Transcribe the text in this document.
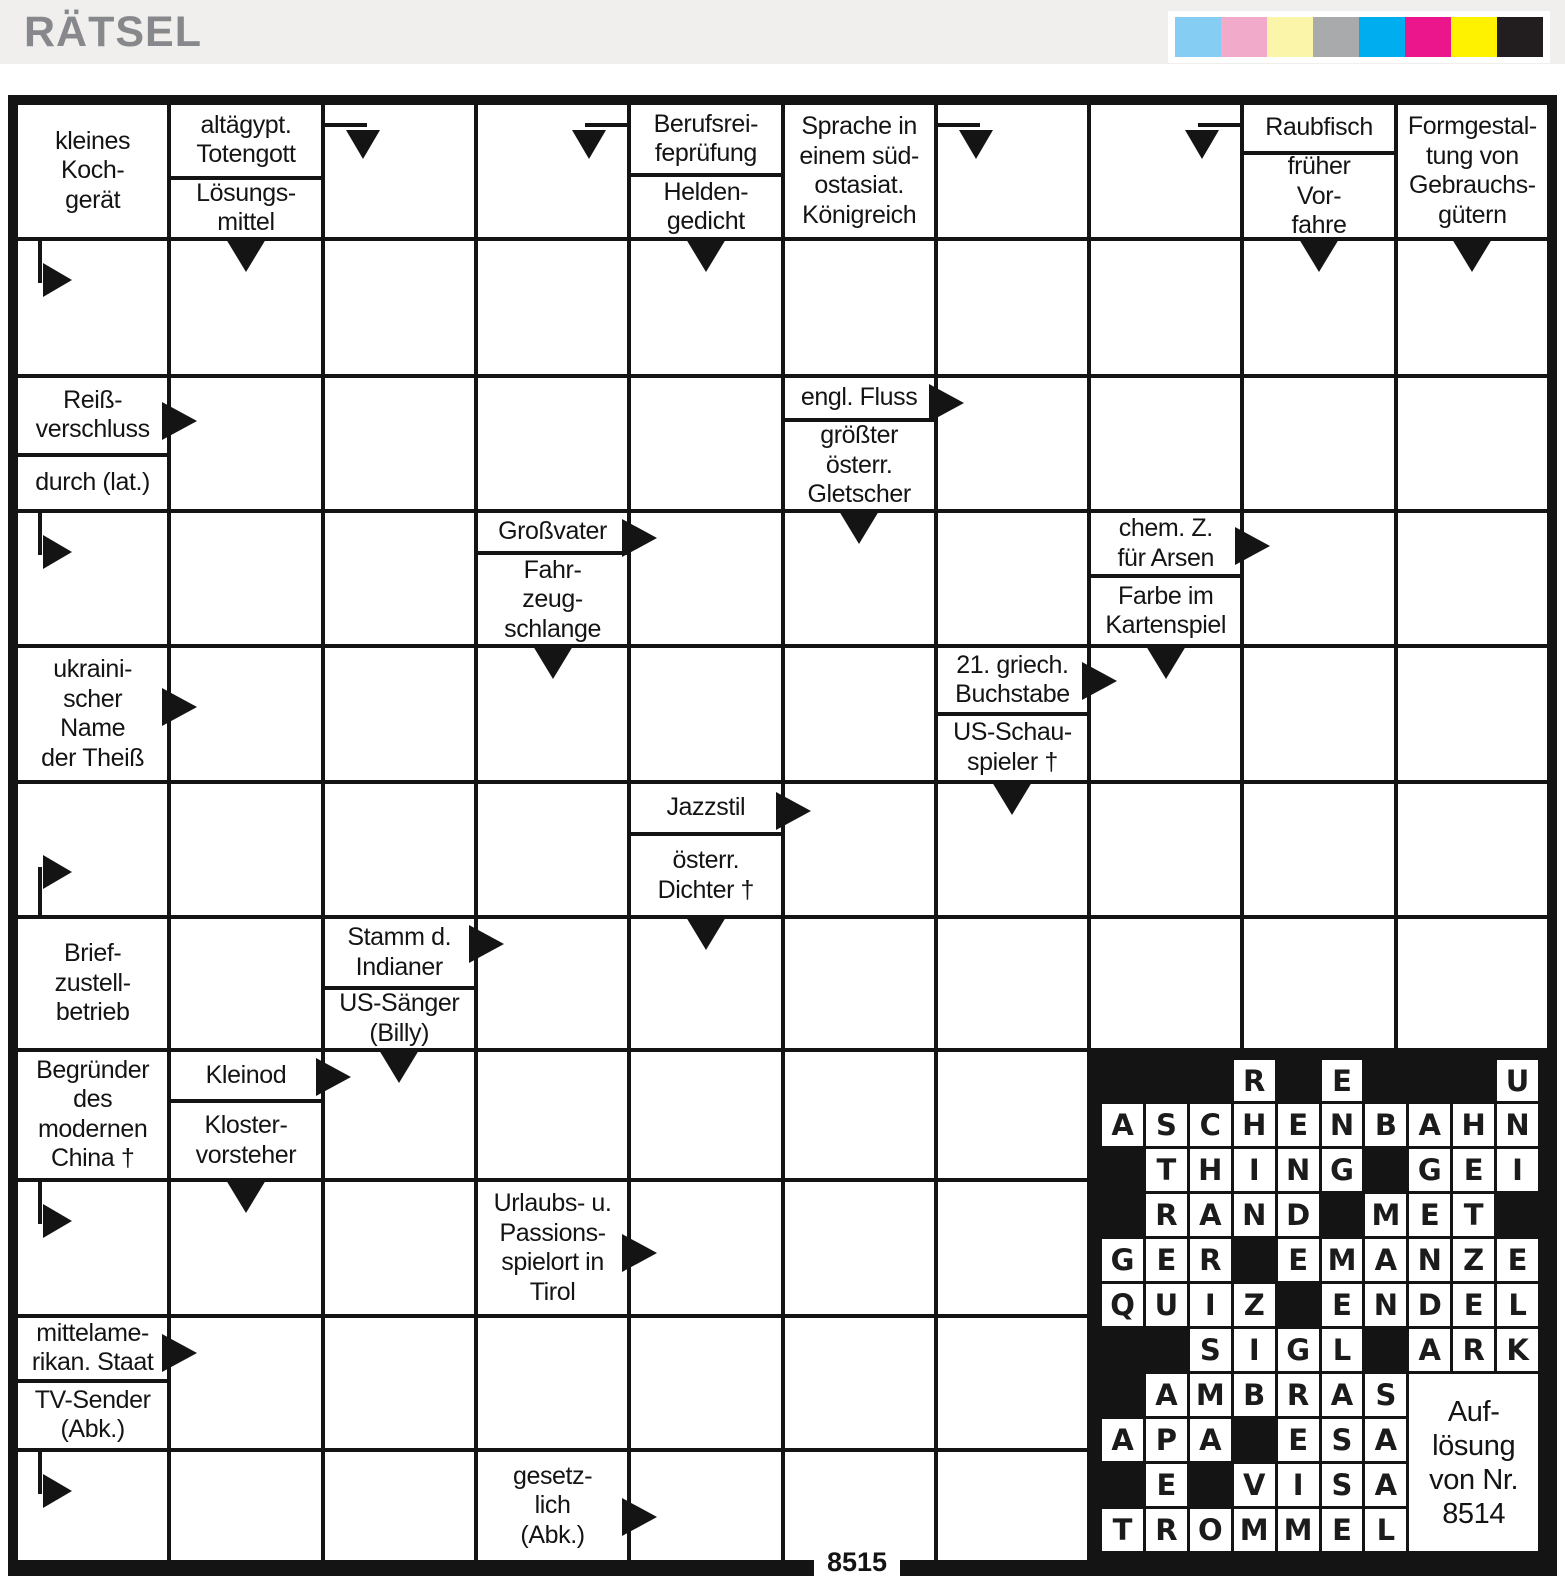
RÄTSEL
kleines
Koch-
gerät
altägypt.
Totengott
Lösungs-
mittel
Berufsrei-
feprüfung
Helden-
gedicht
Sprache in
einem süd-
ostasiat.
Königreich
Raubfisch
früher
Vor-
fahre
Formgestal-
tung von
Gebrauchs-
gütern
Reiß-
verschluss
durch (lat.)
engl. Fluss
größter
österr.
Gletscher
Großvater
Fahr-
zeug-
schlange
chem. Z.
für Arsen
Farbe im
Kartenspiel
ukraini-
scher
Name
der Theiß
21. griech.
Buchstabe
US-Schau-
spieler †
Jazzstil
österr.
Dichter †
Brief-
zustell-
betrieb
Stamm d.
Indianer
US-Sänger
(Billy)
Begründer
des
modernen
China †
Kleinod
Kloster-
vorsteher
Urlaubs- u.
Passions-
spielort in
Tirol
mittelame-
rikan. Staat
TV-Sender
(Abk.)
gesetz-
lich
(Abk.)
R	E	U
A S C H E N B A H N
T H I N G G E I
R A N D M E T
G E R	E M A N Z E
Q U I Z	E N D E L
S I G L	A R K
A M B R A S
A P A	E S A
E	V I S A
T R O M M E L
Auf-
lösung
von Nr.
8514
8515
